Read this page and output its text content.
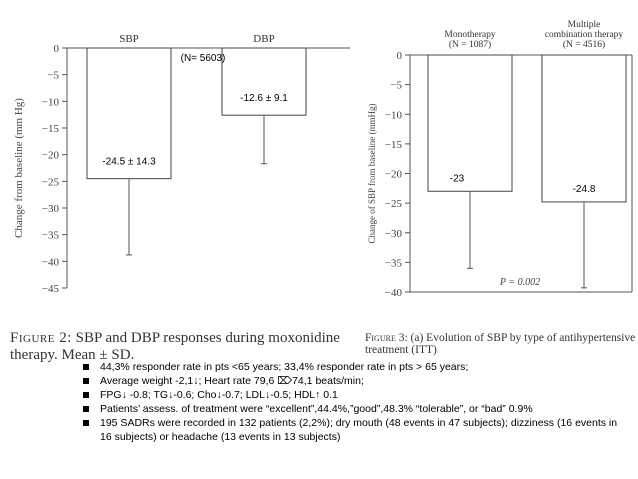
0
−5
−10
−15
−20
−25
−30
−35
−40
−45
Change from baseline (mm Hg)	-24.5 ± 14.3
SBP
-12.6 ± 9.1
DBP
(N= 5603)	0
−5
−10
−15
−20
−25
−30
−35
−40
Change of SBP from baseline (mmHg)	-23
Monotherapy (N = 1087)
-24.8
Multiple combination therapy (N = 4516)
P = 0.002
Figure 2: SBP and DBP responses during moxonidine therapy. Mean ± SD.
Figure 3: (a) Evolution of SBP by type of antihypertensive treatment (ITT)
44,3% responder rate in pts <65 years; 33,4% responder rate in pts > 65 years;
Average weight -2,1↓; Heart rate 79,6 ⌦74,1 beats/min;
FPG↓ -0.8; TG↓-0.6; Cho↓-0.7; LDL↓-0.5; HDL↑ 0.1
Patients’ assess. of treatment were “excellent”,44.4%,”good”,48.3% “tolerable”, or “bad” 0.9%
195 SADRs were recorded in 132 patients (2,2%); dry mouth (48 events in 47 subjects); dizziness (16 events in 16 subjects) or headache (13 events in 13 subjects)
